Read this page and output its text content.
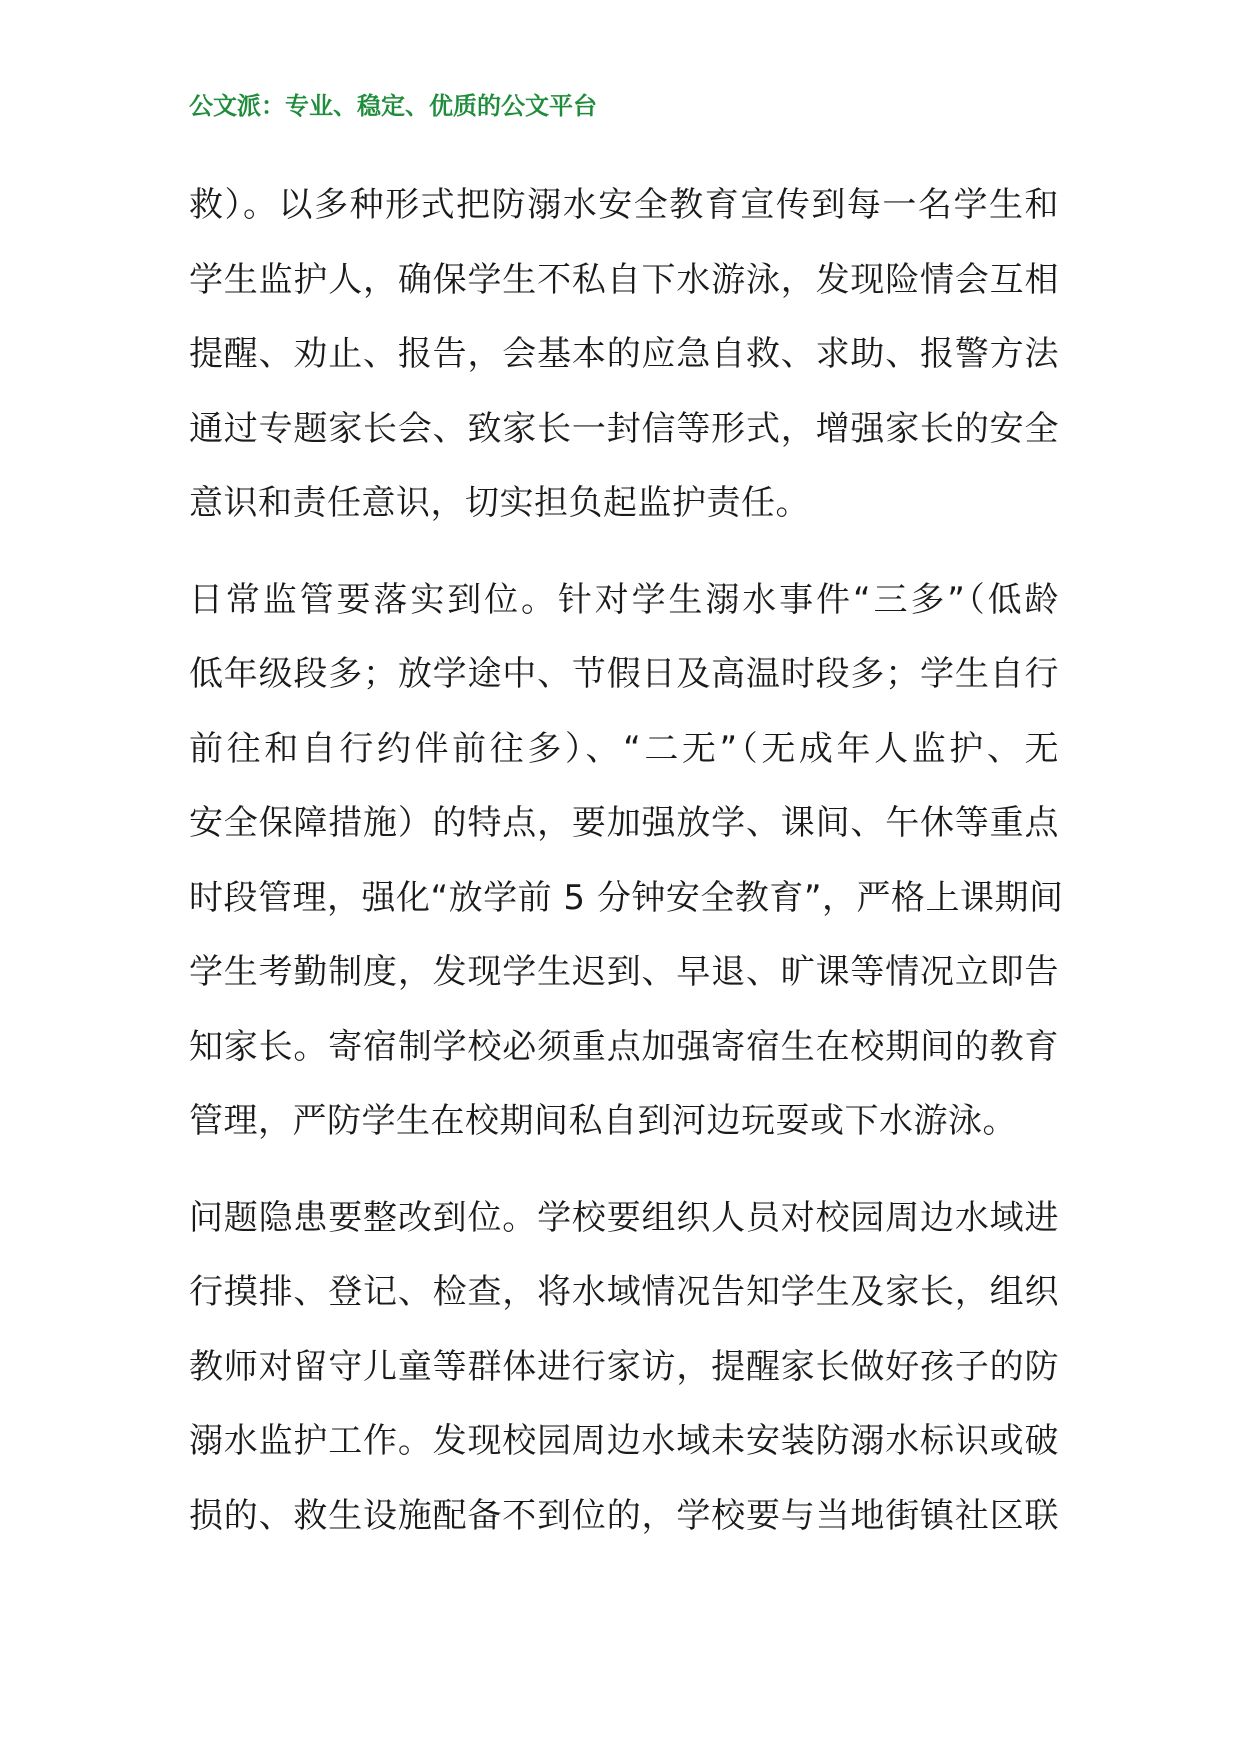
公文派：专业、稳定、优质的公文平台
救）。以多种形式把防溺水安全教育宣传到每一名学生和
学生监护人，确保学生不私自下水游泳，发现险情会互相
提醒、劝止、报告，会基本的应急自救、求助、报警方法
通过专题家长会、致家长一封信等形式，增强家长的安全
意识和责任意识，切实担负起监护责任。
日常监管要落实到位。针对学生溺水事件“三多”（低龄
低年级段多；放学途中、节假日及高温时段多；学生自行
前往和自行约伴前往多）、“二无”（无成年人监护、无
安全保障措施）的特点，要加强放学、课间、午休等重点
时段管理，强化“放学前 5 分钟安全教育”，严格上课期间
学生考勤制度，发现学生迟到、早退、旷课等情况立即告
知家长。寄宿制学校必须重点加强寄宿生在校期间的教育
管理，严防学生在校期间私自到河边玩耍或下水游泳。
问题隐患要整改到位。学校要组织人员对校园周边水域进
行摸排、登记、检查，将水域情况告知学生及家长，组织
教师对留守儿童等群体进行家访，提醒家长做好孩子的防
溺水监护工作。发现校园周边水域未安装防溺水标识或破
损的、救生设施配备不到位的，学校要与当地街镇社区联
